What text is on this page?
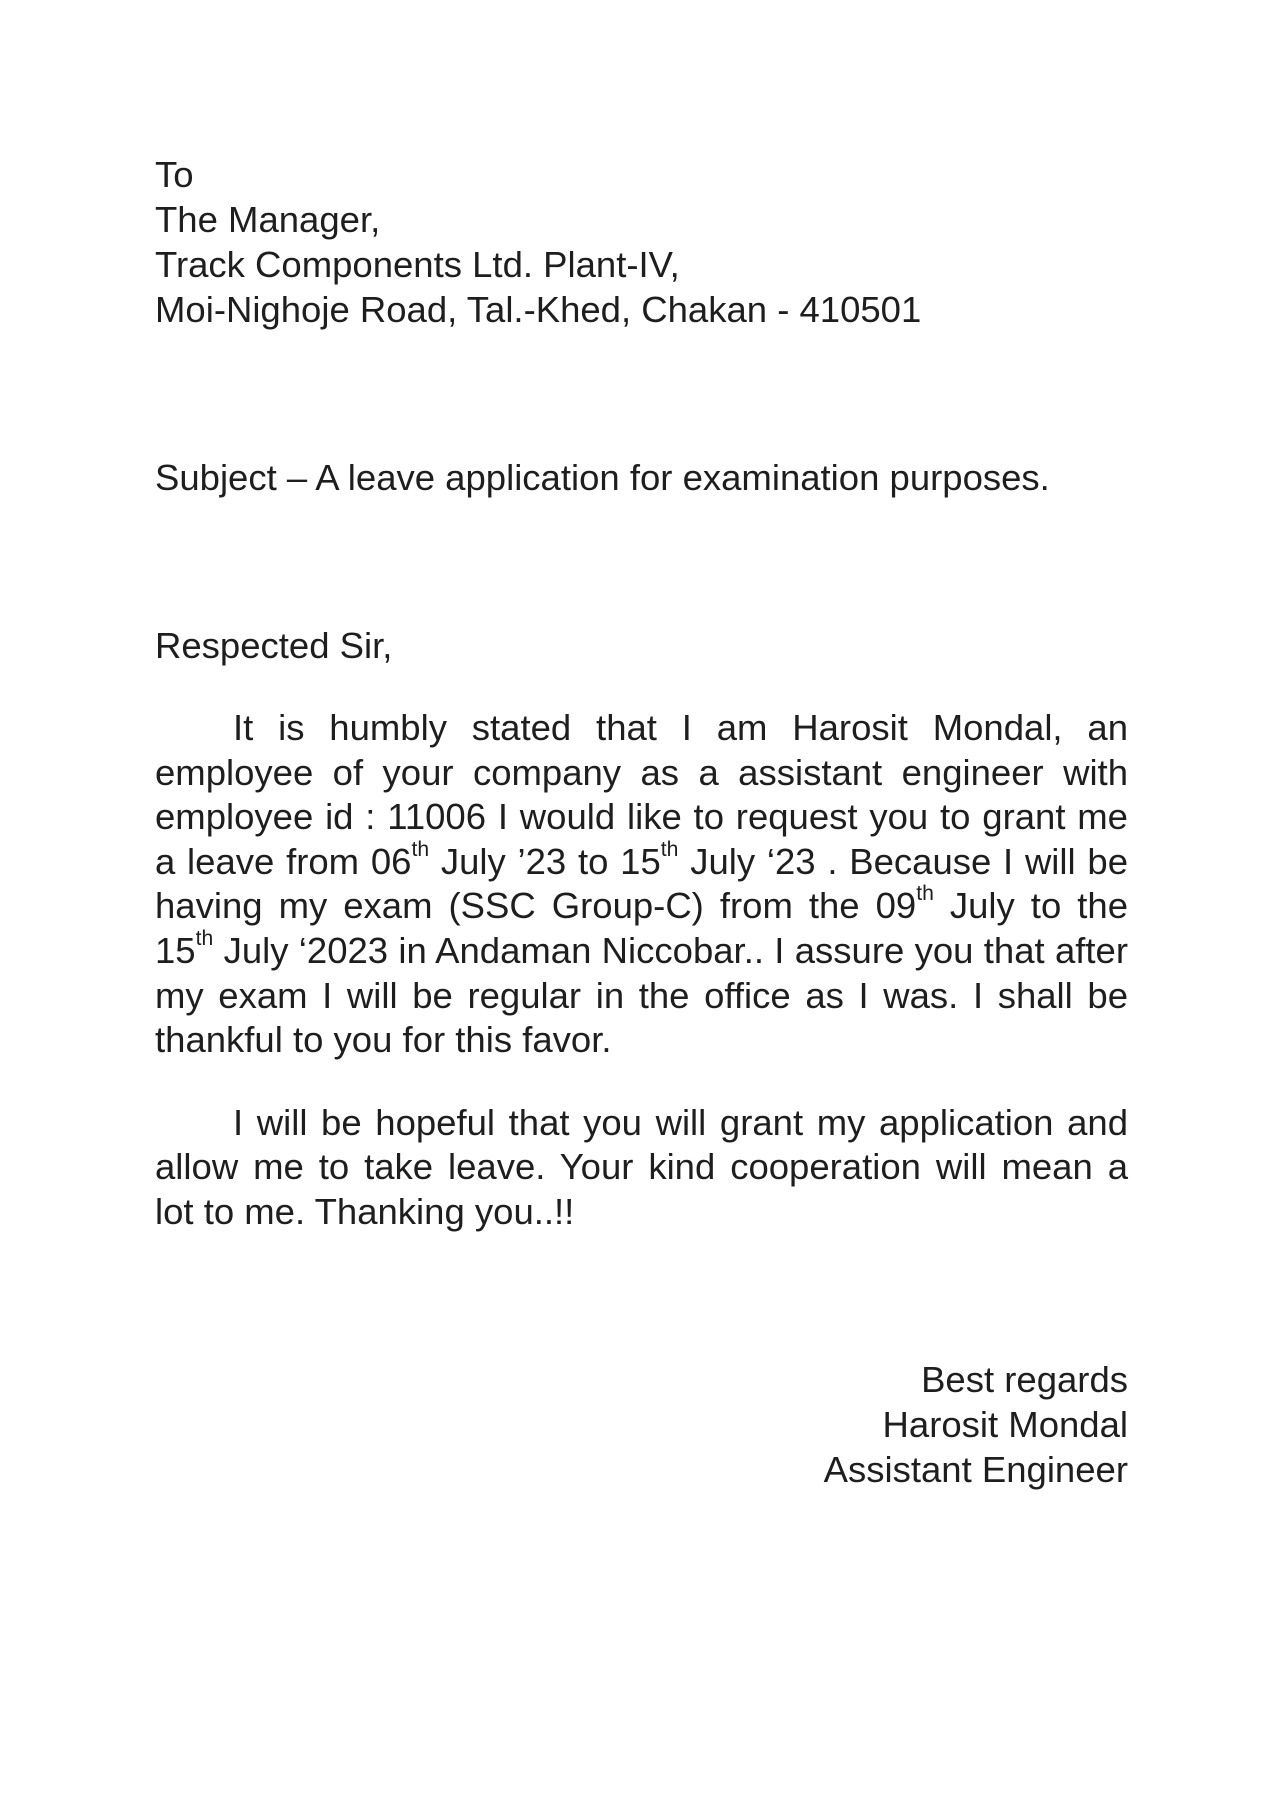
To
The Manager,
Track Components Ltd. Plant-IV,
Moi-Nighoje Road, Tal.-Khed, Chakan - 410501
Subject – A leave application for examination purposes.
Respected Sir,
It is humbly stated that I am Harosit Mondal, an employee of your company as a assistant engineer with employee id : 11006 I would like to request you to grant me a leave from 06th July ’23 to 15th July ‘23 . Because I will be having my exam (SSC Group-C) from the 09th July to the 15th July ‘2023 in Andaman Niccobar.. I assure you that after my exam I will be regular in the office as I was. I shall be thankful to you for this favor.
I will be hopeful that you will grant my application and allow me to take leave. Your kind cooperation will mean a lot to me. Thanking you..!!
Best regards
Harosit Mondal
Assistant Engineer
